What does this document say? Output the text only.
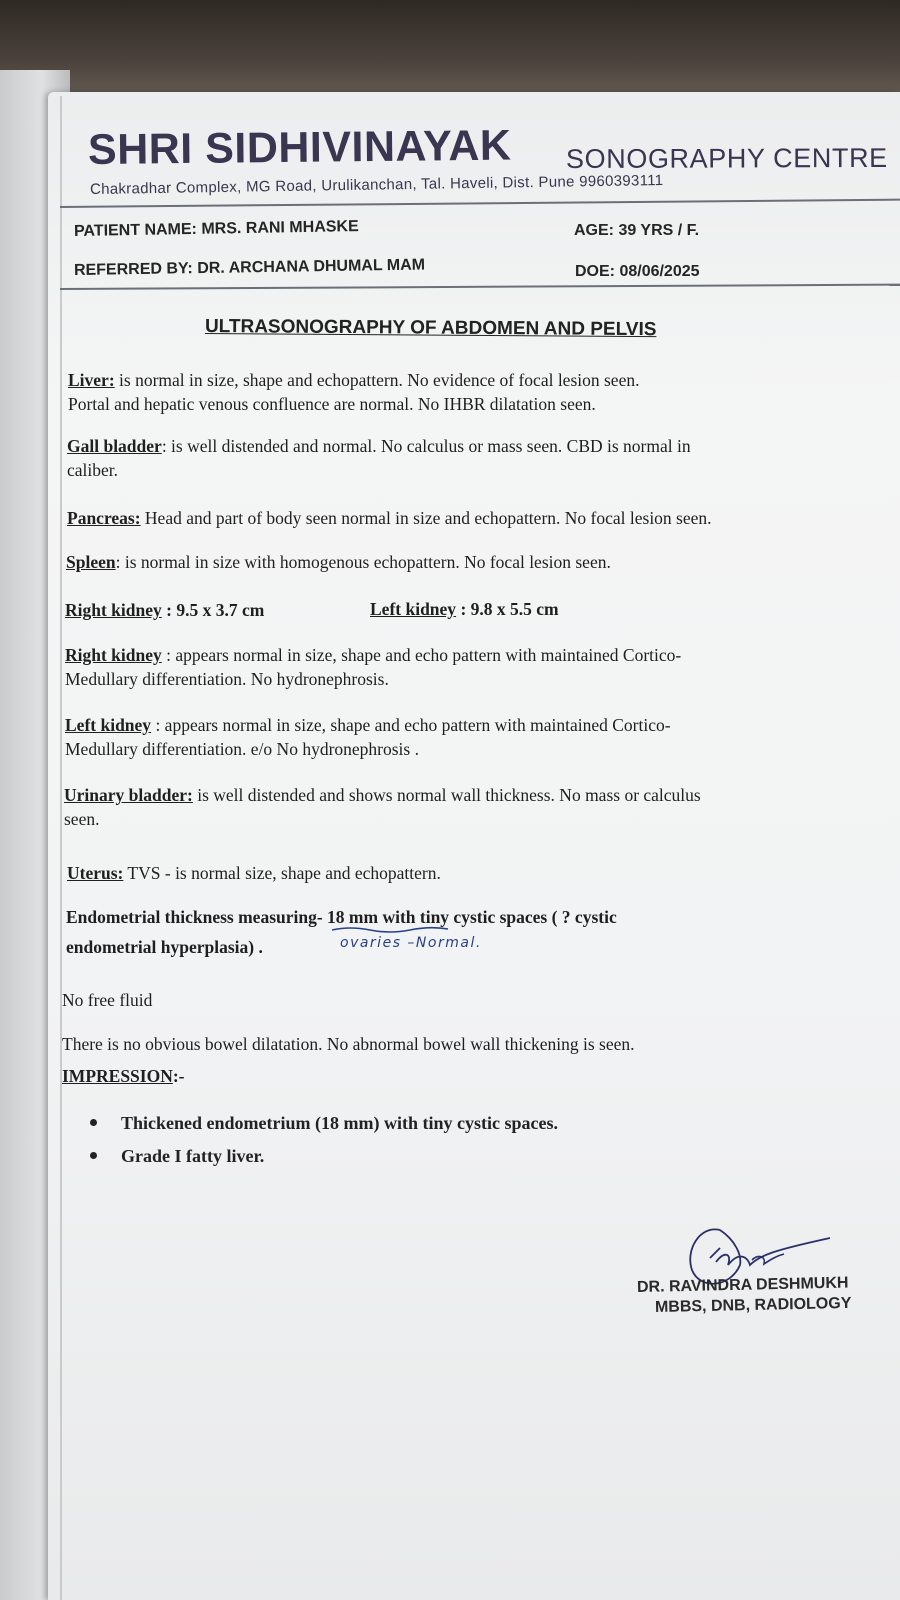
SHRI SIDHIVINAYAK SONOGRAPHY CENTRE
Chakradhar Complex, MG Road, Urulikanchan, Tal. Haveli, Dist. Pune 9960393111
PATIENT NAME: MRS. RANI MHASKE	AGE: 39 YRS / F.
REFERRED BY: DR. ARCHANA DHUMAL MAM	DOE: 08/06/2025
ULTRASONOGRAPHY OF ABDOMEN AND PELVIS
Liver: is normal in size, shape and echopattern. No evidence of focal lesion seen.
Portal and hepatic venous confluence are normal. No IHBR dilatation seen.
Gall bladder: is well distended and normal. No calculus or mass seen. CBD is normal in
caliber.
Pancreas: Head and part of body seen normal in size and echopattern. No focal lesion seen.
Spleen: is normal in size with homogenous echopattern. No focal lesion seen.
Right kidney : 9.5 x 3.7 cm	Left kidney : 9.8 x 5.5 cm
Right kidney : appears normal in size, shape and echo pattern with maintained Cortico-
Medullary differentiation. No hydronephrosis.
Left kidney : appears normal in size, shape and echo pattern with maintained Cortico-
Medullary differentiation. e/o No hydronephrosis .
Urinary bladder: is well distended and shows normal wall thickness. No mass or calculus
seen.
Uterus: TVS - is normal size, shape and echopattern.
Endometrial thickness measuring- 18 mm with tiny cystic spaces ( ? cystic
endometrial hyperplasia) .	ovaries –Normal.
No free fluid
There is no obvious bowel dilatation. No abnormal bowel wall thickening is seen.
IMPRESSION:-
Thickened endometrium (18 mm) with tiny cystic spaces.
Grade I fatty liver.
DR. RAVINDRA DESHMUKH
MBBS, DNB, RADIOLOGY
